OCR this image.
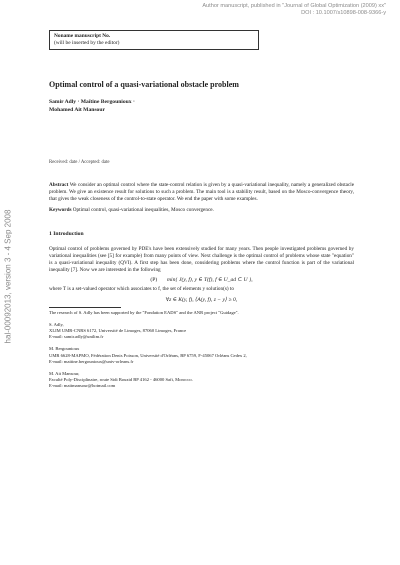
Author manuscript, published in "Journal of Global Optimization (2009) xx"
DOI : 10.1007/s10898-008-9366-y
hal-00092013, version 3 - 4 Sep 2008
Noname manuscript No.
(will be inserted by the editor)
Optimal control of a quasi-variational obstacle problem
Samir Adly · Maïtine Bergounioux ·
Mohamed Ait Mansour
Received: date / Accepted: date
Abstract We consider an optimal control where the state-control relation is given by a quasi-variational inequality, namely a generalized obstacle problem. We give an existence result for solutions to such a problem. The main tool is a stability result, based on the Mosco-convergence theory, that gives the weak closeness of the control-to-state operator. We end the paper with some examples.
Keywords Optimal control, quasi-variational inequalities, Mosco convergence.
1 Introduction
Optimal control of problems governed by PDE's have been extensively studied for many years. Then people investigated problems governed by variational inequalities (see [5] for example) from many points of view. Next challenge is the optimal control of problems whose state "equation" is a quasi-variational inequality (QVI). A first step has been done, considering problems where the control function is part of the variational inequality [7]. Now we are interested in the following
(P) min{ J(y, f), y ∈ T(f), f ∈ U_ad ⊂ U },
where T is a set-valued operator which associates to f, the set of elements y solution(s) to
∀z ∈ K(y, f), ⟨A(y, f), z − y⟩ ≥ 0,
The research of S. Adly has been supported by the "Fondation EADS" and the ANR project "Guidage".
S. Adly,
XLIM UMR-CNRS 6172, Université de Limoges, 87060 Limoges, France
E-mail: samir.adly@unilim.fr
M. Bergounioux
UMR 6628-MAPMO, Fédération Denis Poisson, Université d'Orléans, BP 6759, F-45067 Orléans Cedex 2,
E-mail: maitine.bergounioux@univ-orleans.fr
M. Ait Mansour,
Faculté Poly-Disciplinaire, route Sidi Bouzid BP 4162 - 46000 Safi, Morocco.
E-mail: maitmansour@hotmail.com
